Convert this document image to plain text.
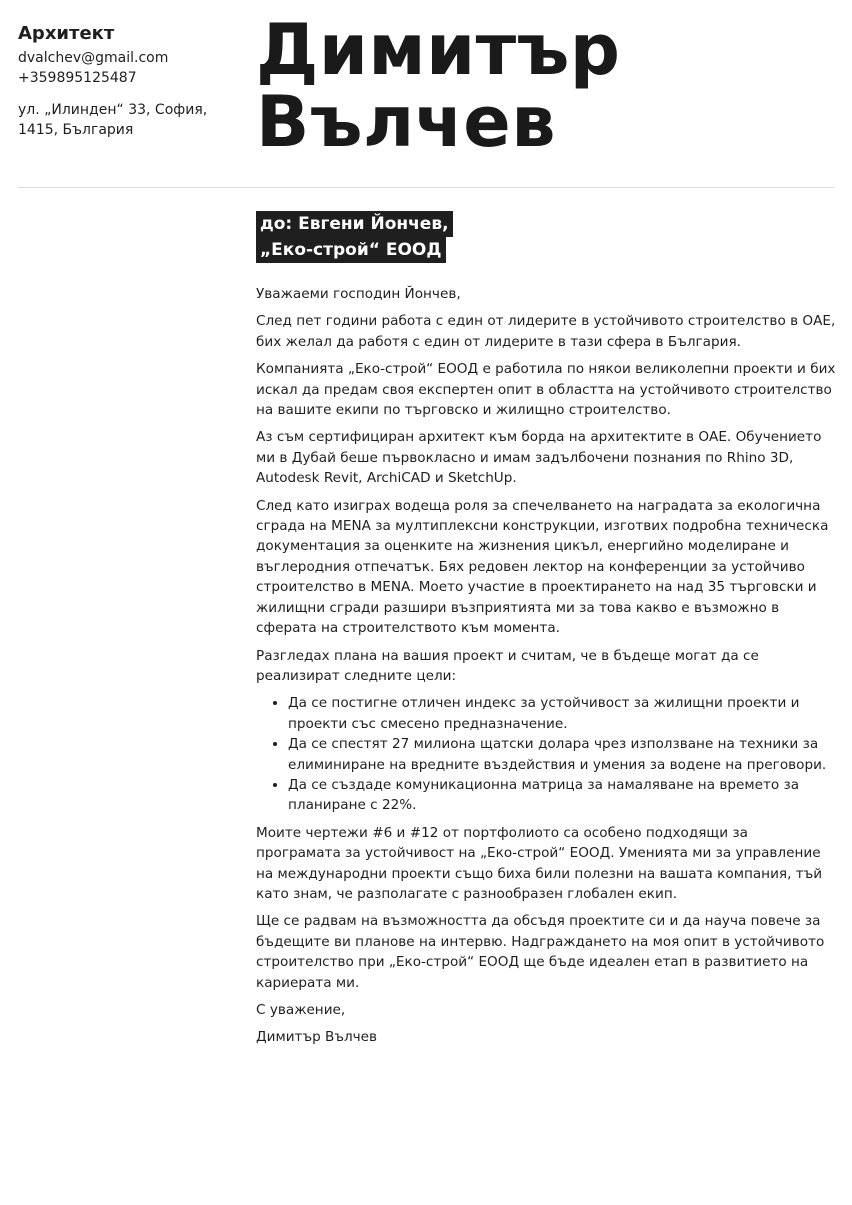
Архитект
dvalchev@gmail.com
+359895125487
ул. „Илинден“ 33, София, 1415, България
Димитър
Вълчев
до: Евгени Йончев,
„Еко-строй“ ЕООД

Уважаеми господин Йончев,

След пет години работа с един от лидерите в устойчивото строителство в ОАЕ, бих желал да работя с един от лидерите в тази сфера в България.

Компанията „Еко-строй“ ЕООД е работила по някои великолепни проекти и бих искал да предам своя експертен опит в областта на устойчивото строителство на вашите екипи по търговско и жилищно строителство.

Аз съм сертифициран архитект към борда на архитектите в ОАЕ. Обучението ми в Дубай беше първокласно и имам задълбочени познания по Rhino 3D, Autodesk Revit, ArchiCAD и SketchUp.

След като изиграх водеща роля за спечелването на наградата за екологична сграда на MENA за мултиплексни конструкции, изготвих подробна техническа документация за оценките на жизнения цикъл, енергийно моделиране и въглеродния отпечатък. Бях редовен лектор на конференции за устойчиво строителство в MENA. Моето участие в проектирането на над 35 търговски и жилищни сгради разшири възприятията ми за това какво е възможно в сферата на строителството към момента.

Разгледах плана на вашия проект и считам, че в бъдеще могат да се реализират следните цели:

• Да се постигне отличен индекс за устойчивост за жилищни проекти и проекти със смесено предназначение.
• Да се спестят 27 милиона щатски долара чрез използване на техники за елиминиране на вредните въздействия и умения за водене на преговори.
• Да се създаде комуникационна матрица за намаляване на времето за планиране с 22%.

Моите чертежи #6 и #12 от портфолиото са особено подходящи за програмата за устойчивост на „Еко-строй“ ЕООД. Уменията ми за управление на международни проекти също биха били полезни на вашата компания, тъй като знам, че разполагате с разнообразен глобален екип.

Ще се радвам на възможността да обсъдя проектите си и да науча повече за бъдещите ви планове на интервю. Надграждането на моя опит в устойчивото строителство при „Еко-строй“ ЕООД ще бъде идеален етап в развитието на кариерата ми.

С уважение,

Димитър Вълчев
